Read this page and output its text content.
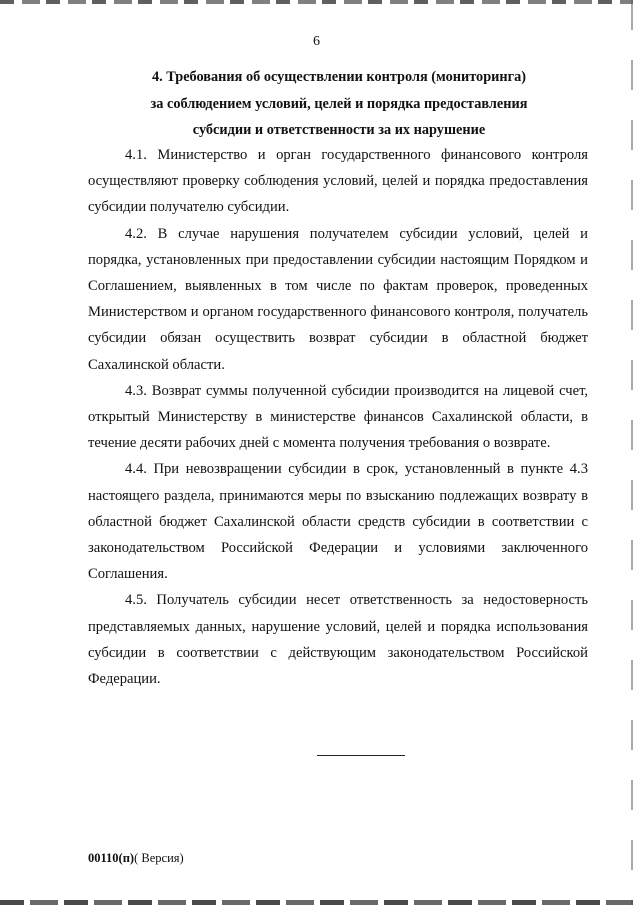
6
4. Требования об осуществлении контроля (мониторинга)
за соблюдением условий, целей и порядка предоставления
субсидии и ответственности за их нарушение

4.1. Министерство и орган государственного финансового контроля осуществляют проверку соблюдения условий, целей и порядка предоставления субсидии получателю субсидии.

4.2. В случае нарушения получателем субсидии условий, целей и порядка, установленных при предоставлении субсидии настоящим Порядком и Соглашением, выявленных в том числе по фактам проверок, проведенных Министерством и органом государственного финансового контроля, получатель субсидии обязан осуществить возврат субсидии в областной бюджет Сахалинской области.

4.3. Возврат суммы полученной субсидии производится на лицевой счет, открытый Министерству в министерстве финансов Сахалинской области, в течение десяти рабочих дней с момента получения требования о возврате.

4.4. При невозвращении субсидии в срок, установленный в пункте 4.3 настоящего раздела, принимаются меры по взысканию подлежащих возврату в областной бюджет Сахалинской области средств субсидии в соответствии с законодательством Российской Федерации и условиями заключенного Соглашения.

4.5. Получатель субсидии несет ответственность за недостоверность представляемых данных, нарушение условий, целей и порядка использования субсидии в соответствии с действующим законодательством Российской Федерации.

00110(п)( Версия)
